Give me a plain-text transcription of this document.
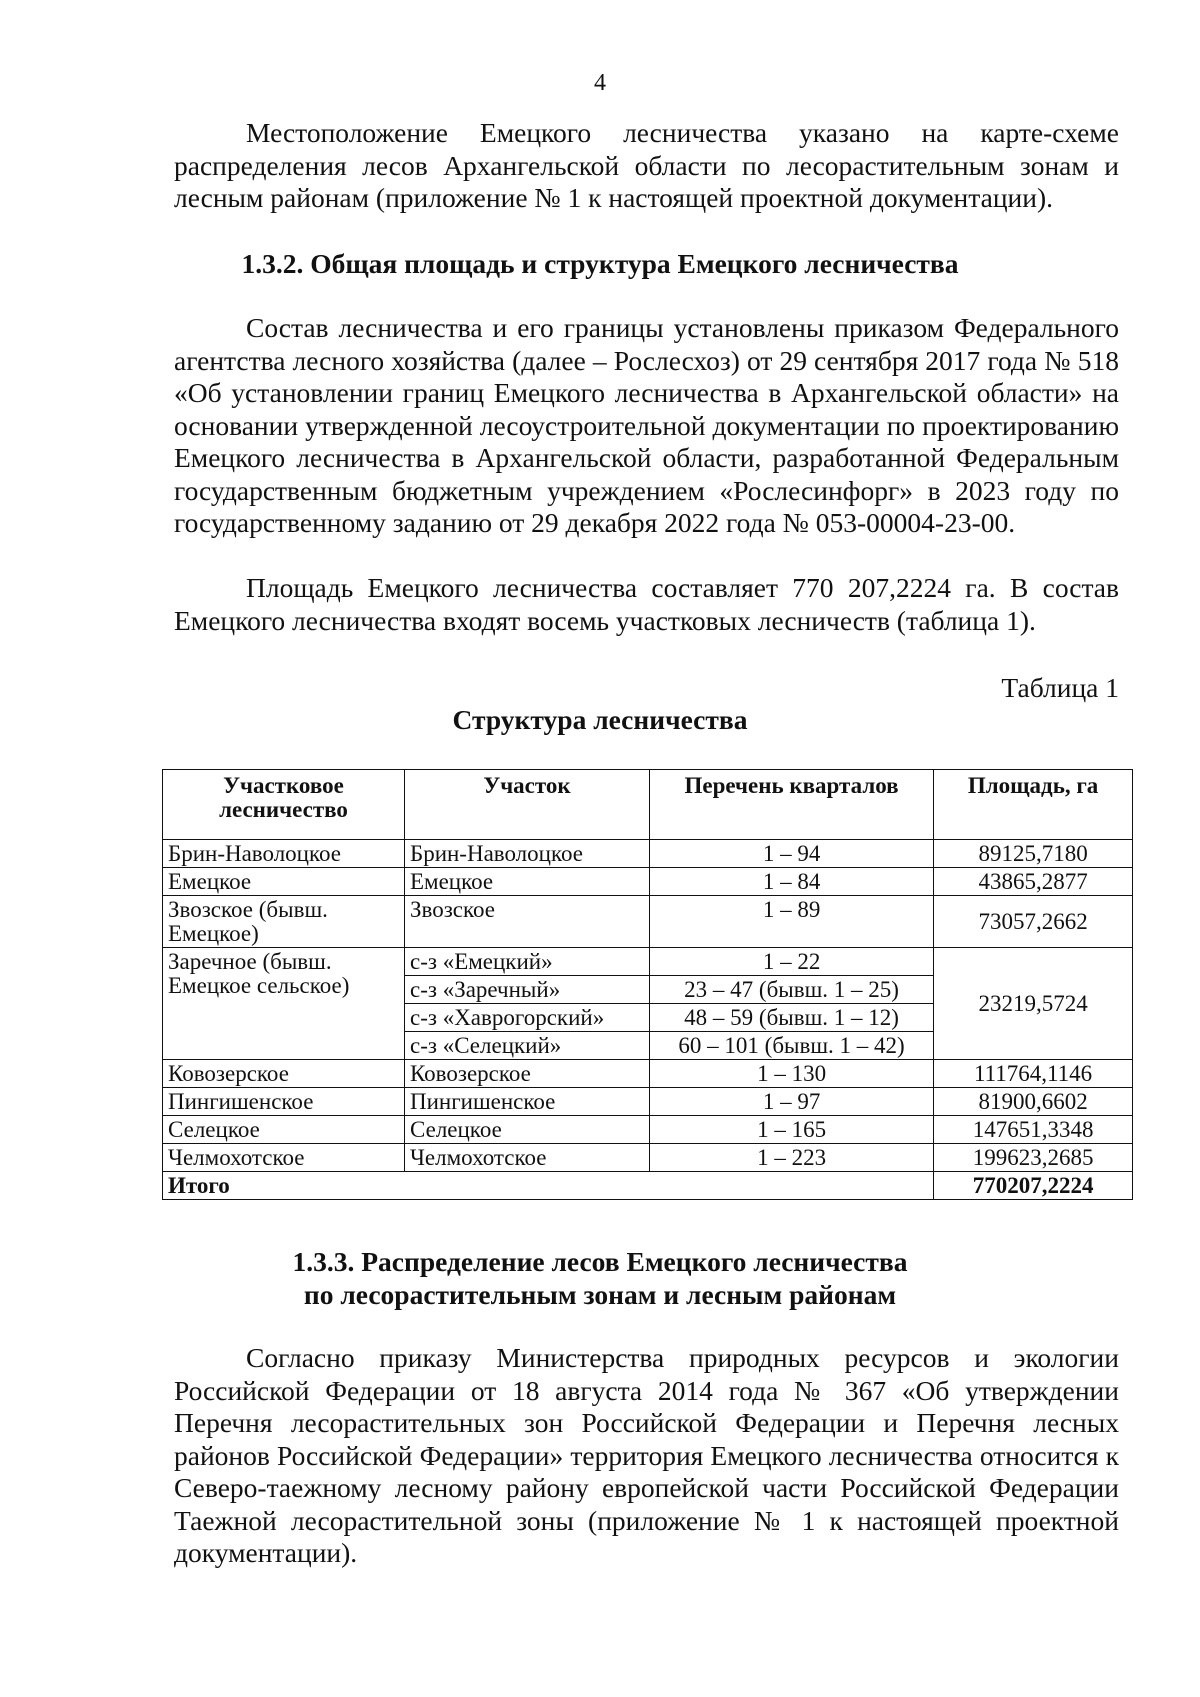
4

Местоположение Емецкого лесничества указано на карте-схеме распределения лесов Архангельской области по лесорастительным зонам и лесным районам (приложение № 1 к настоящей проектной документации).

1.3.2. Общая площадь и структура Емецкого лесничества

Состав лесничества и его границы установлены приказом Федерального агентства лесного хозяйства (далее – Рослесхоз) от 29 сентября 2017 года № 518 «Об установлении границ Емецкого лесничества в Архангельской области» на основании утвержденной лесоустроительной документации по проектированию Емецкого лесничества в Архангельской области, разработанной Федеральным государственным бюджетным учреждением «Рослесинфорг» в 2023 году по государственному заданию от 29 декабря 2022 года № 053-00004-23-00.

Площадь Емецкого лесничества составляет 770 207,2224 га. В состав Емецкого лесничества входят восемь участковых лесничеств (таблица 1).

Таблица 1
Структура лесничества
Участковое лесничество	Участок	Перечень кварталов	Площадь, га
Брин-Наволоцкое	Брин-Наволоцкое	1 – 94	89125,7180
Емецкое	Емецкое	1 – 84	43865,2877
Звозское (бывш. Емецкое)	Звозское	1 – 89	73057,2662
Заречное (бывш. Емецкое сельское)	с-з «Емецкий»	1 – 22	23219,5724
	с-з «Заречный»	23 – 47 (бывш. 1 – 25)	
	с-з «Хаврогорский»	48 – 59 (бывш. 1 – 12)	
	с-з «Селецкий»	60 – 101 (бывш. 1 – 42)	
Ковозерское	Ковозерское	1 – 130	111764,1146
Пингишенское	Пингишенское	1 – 97	81900,6602
Селецкое	Селецкое	1 – 165	147651,3348
Челмохотское	Челмохотское	1 – 223	199623,2685
Итого			770207,2224
1.3.3. Распределение лесов Емецкого лесничества
по лесорастительным зонам и лесным районам

Согласно приказу Министерства природных ресурсов и экологии Российской Федерации от 18 августа 2014 года № 367 «Об утверждении Перечня лесорастительных зон Российской Федерации и Перечня лесных районов Российской Федерации» территория Емецкого лесничества относится к Северо-таежному лесному району европейской части Российской Федерации Таежной лесорастительной зоны (приложение № 1 к настоящей проектной документации).
